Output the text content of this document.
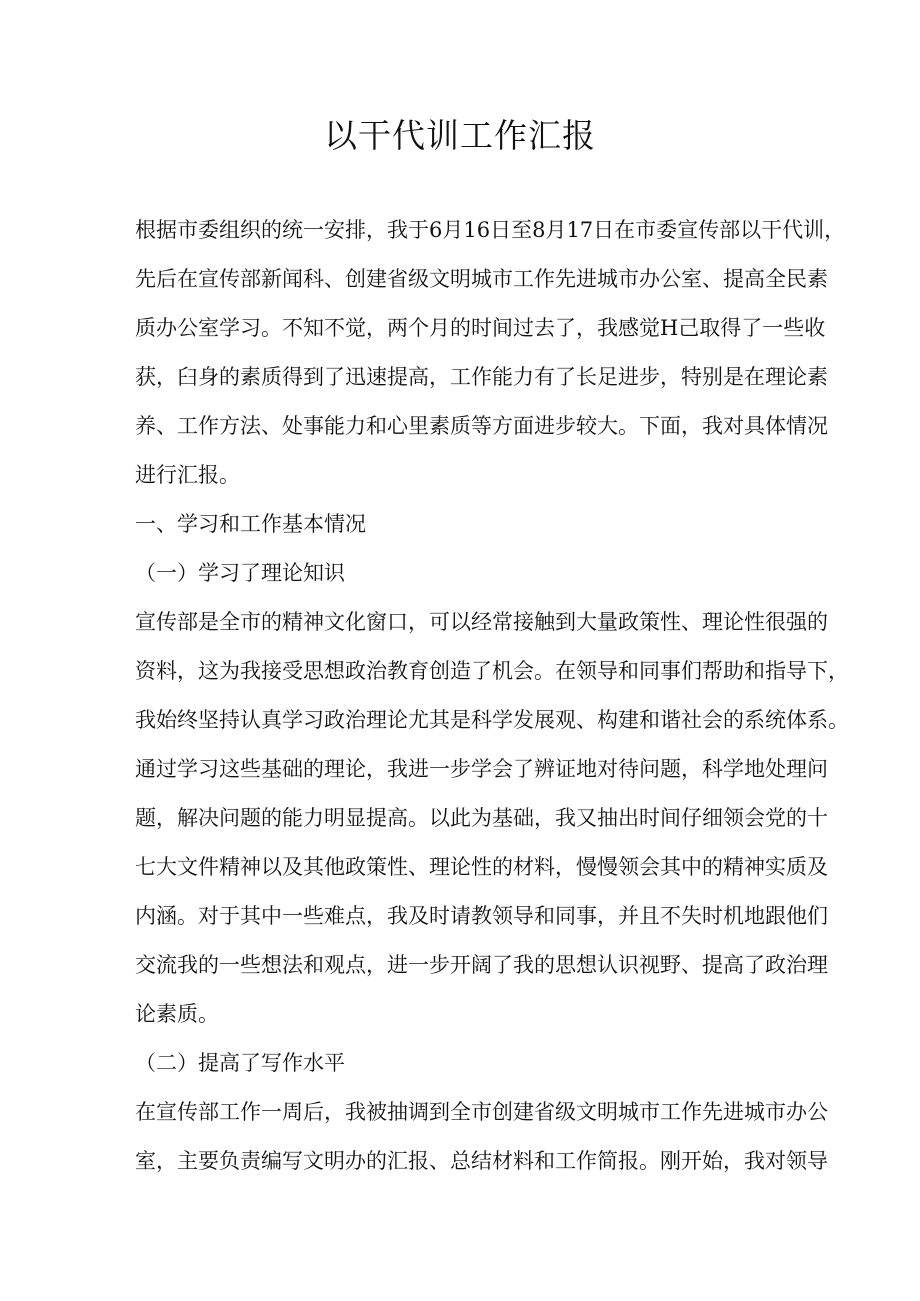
以干代训工作汇报
根据市委组织的统一安排，我于6月16日至8月17日在市委宣传部以干代训，
先后在宣传部新闻科、创建省级文明城市工作先进城市办公室、提高全民素
质办公室学习。不知不觉，两个月的时间过去了，我感觉H己取得了一些收
获，臼身的素质得到了迅速提高，工作能力有了长足进步，特别是在理论素
养、工作方法、处事能力和心里素质等方面进步较大。下面，我对具体情况
进行汇报。
一、学习和工作基本情况
（一）学习了理论知识
宣传部是全市的精神文化窗口，可以经常接触到大量政策性、理论性很强的
资料，这为我接受思想政治教育创造了机会。在领导和同事们帮助和指导下，
我始终坚持认真学习政治理论尤其是科学发展观、构建和谐社会的系统体系。
通过学习这些基础的理论，我进一步学会了辨证地对待问题，科学地处理问
题，解决问题的能力明显提高。以此为基础，我又抽出时间仔细领会党的十
七大文件精神以及其他政策性、理论性的材料，慢慢领会其中的精神实质及
内涵。对于其中一些难点，我及时请教领导和同事，并且不失时机地跟他们
交流我的一些想法和观点，进一步开阔了我的思想认识视野、提高了政治理
论素质。
（二）提高了写作水平
在宣传部工作一周后，我被抽调到全市创建省级文明城市工作先进城市办公
室，主要负责编写文明办的汇报、总结材料和工作简报。刚开始，我对领导
